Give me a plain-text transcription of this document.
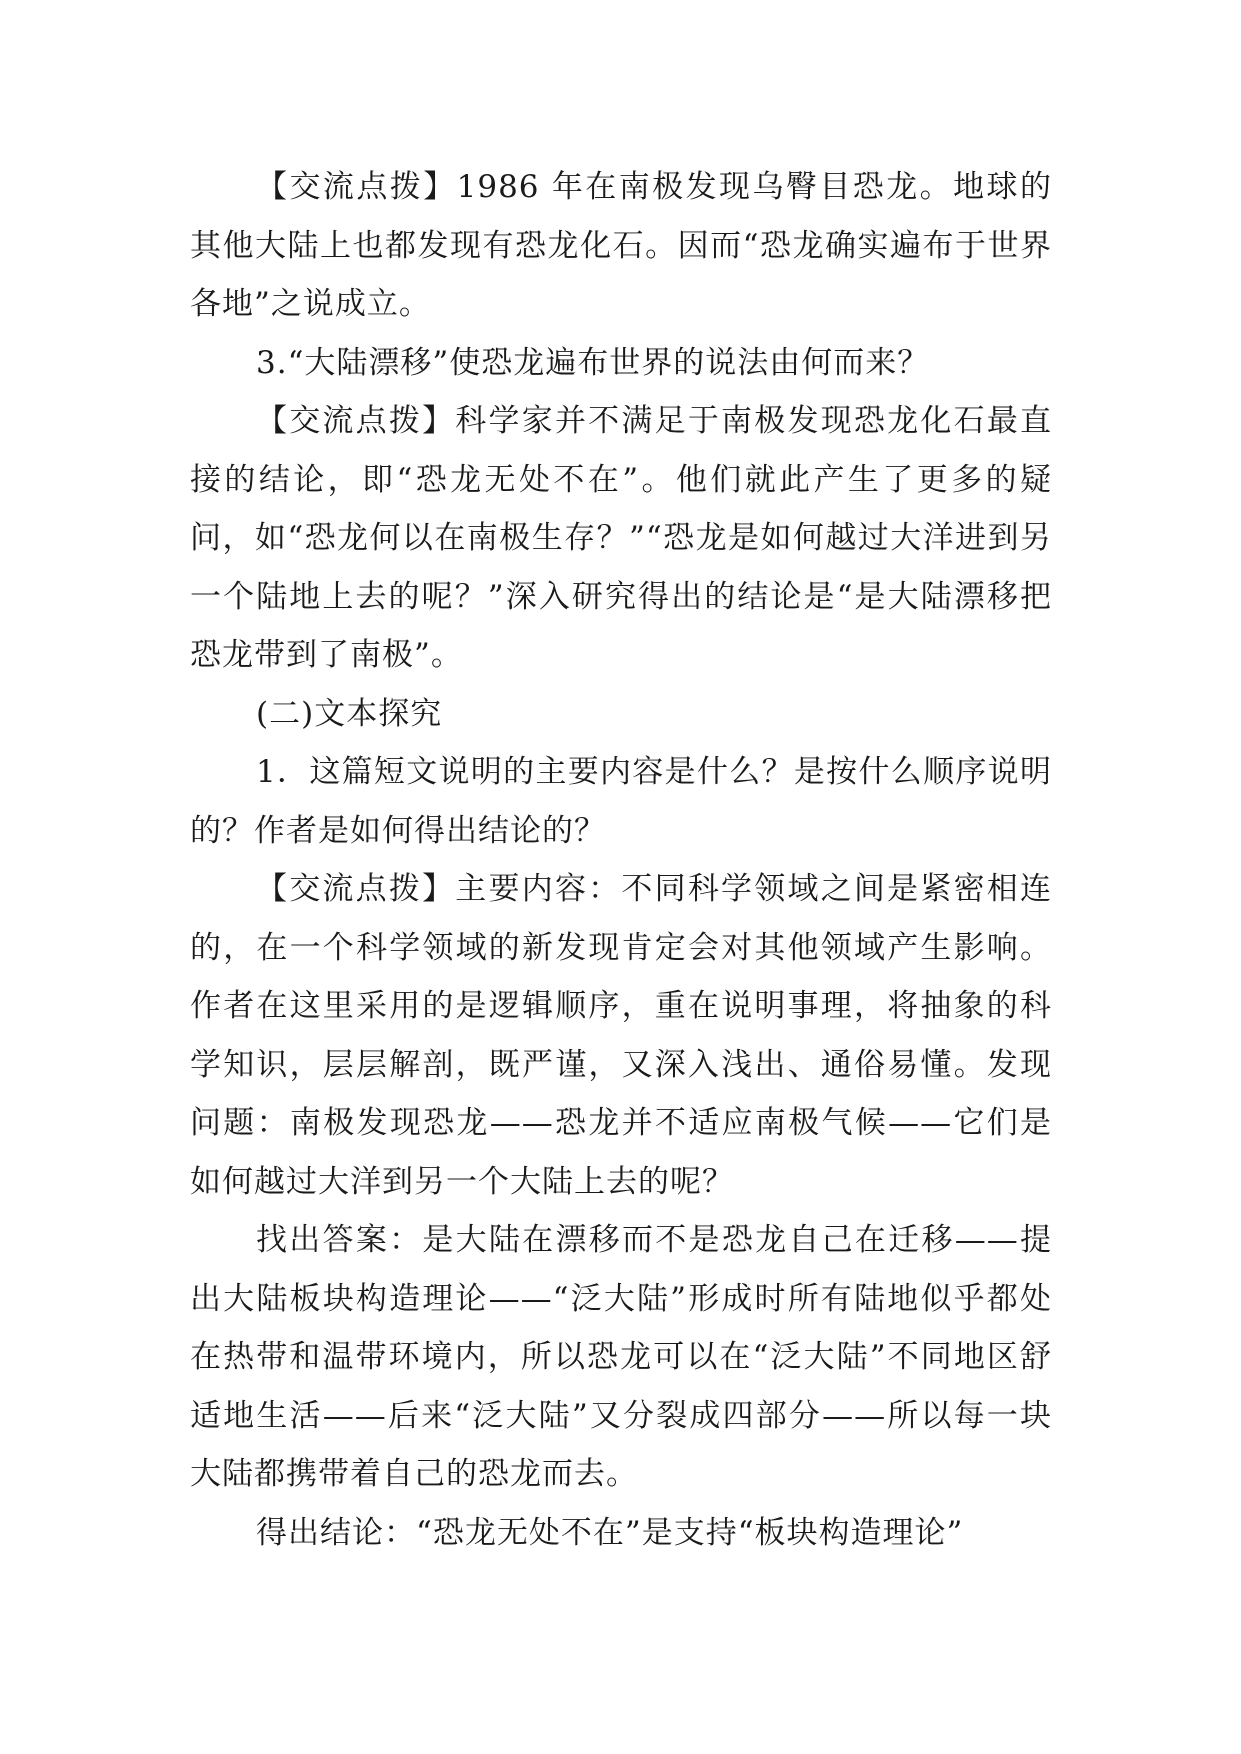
【交流点拨】1986 年在南极发现乌臀目恐龙。地球的其他大陆上也都发现有恐龙化石。因而“恐龙确实遍布于世界各地”之说成立。

3.“大陆漂移”使恐龙遍布世界的说法由何而来？

【交流点拨】科学家并不满足于南极发现恐龙化石最直接的结论，即“恐龙无处不在”。他们就此产生了更多的疑问，如“恐龙何以在南极生存？”“恐龙是如何越过大洋进到另一个陆地上去的呢？”深入研究得出的结论是“是大陆漂移把恐龙带到了南极”。

(二)文本探究

1．这篇短文说明的主要内容是什么？是按什么顺序说明的？作者是如何得出结论的？

【交流点拨】主要内容：不同科学领域之间是紧密相连的，在一个科学领域的新发现肯定会对其他领域产生影响。作者在这里采用的是逻辑顺序，重在说明事理，将抽象的科学知识，层层解剖，既严谨，又深入浅出、通俗易懂。发现问题：南极发现恐龙——恐龙并不适应南极气候——它们是如何越过大洋到另一个大陆上去的呢？

找出答案：是大陆在漂移而不是恐龙自己在迁移——提出大陆板块构造理论——“泛大陆”形成时所有陆地似乎都处在热带和温带环境内，所以恐龙可以在“泛大陆”不同地区舒适地生活——后来“泛大陆”又分裂成四部分——所以每一块大陆都携带着自己的恐龙而去。

得出结论：“恐龙无处不在”是支持“板块构造理论”
